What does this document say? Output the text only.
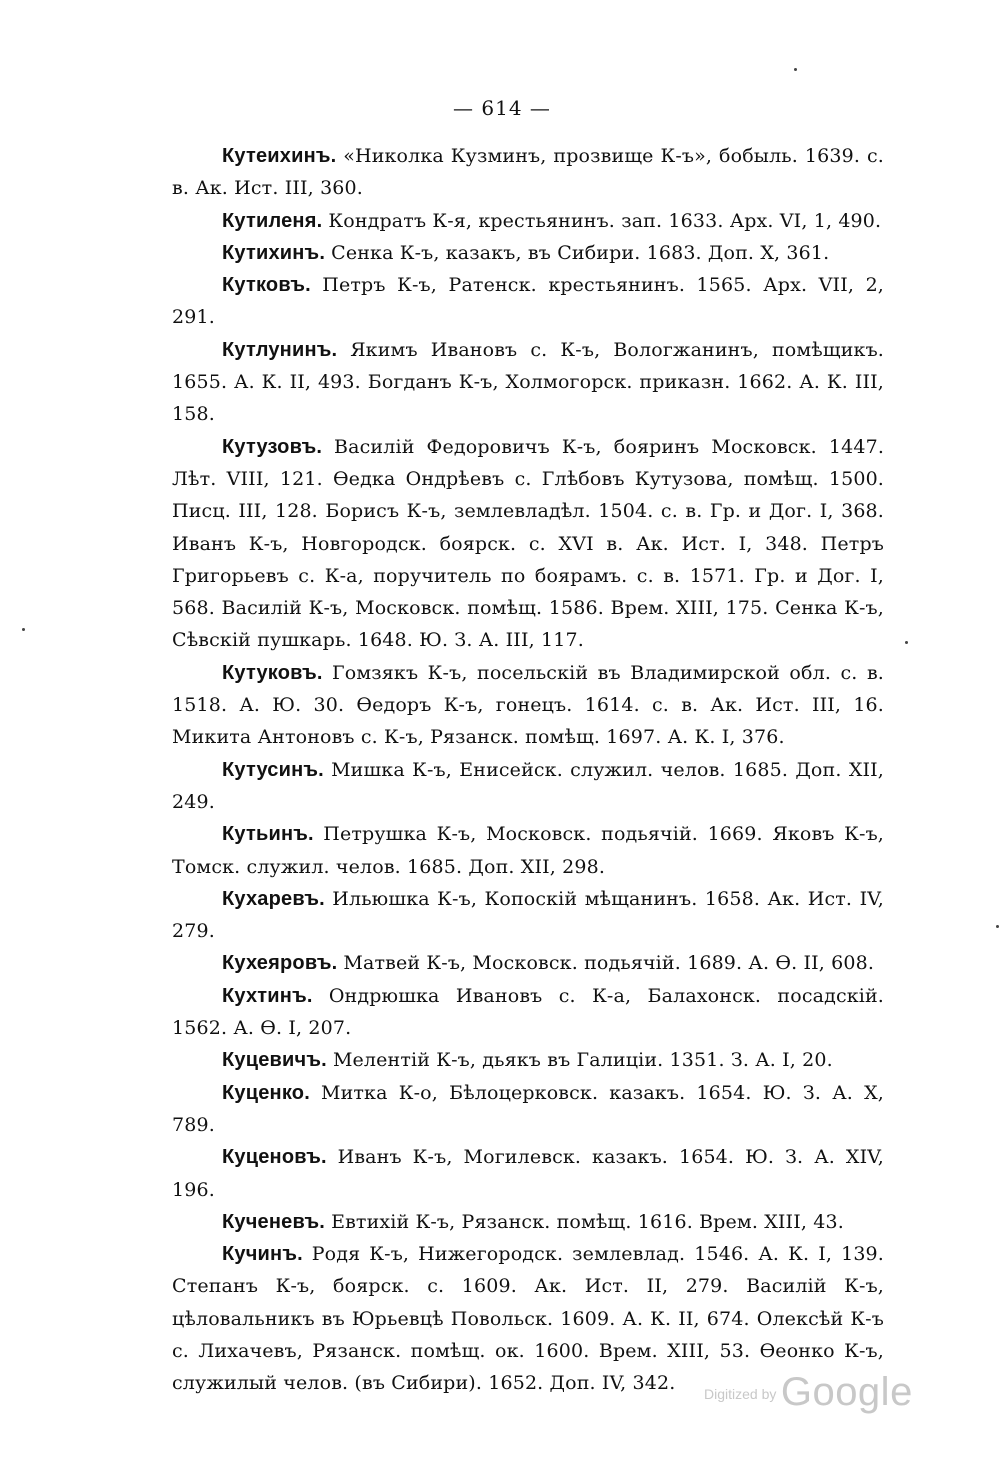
— 614 —

Кутеихинъ. «Николка Кузминъ, прозвище К-ъ», бобыль. 1639. с. в. Ак. Ист. III, 360.

Кутиленя. Кондратъ К-я, крестьянинъ. зап. 1633. Арх. VI, 1, 490.

Кутихинъ. Сенка К-ъ, казакъ, въ Сибири. 1683. Доп. X, 361.

Кутковъ. Петръ К-ъ, Ратенск. крестьянинъ. 1565. Арх. VII, 2, 291.

Кутлунинъ. Якимъ Ивановъ с. К-ъ, Вологжанинъ, помѣщикъ. 1655. А. К. II, 493. Богданъ К-ъ, Холмогорск. приказн. 1662. А. К. III, 158.

Кутузовъ. Василій Федоровичъ К-ъ, бояринъ Московск. 1447. Лѣт. VIII, 121. Ѳедка Ондрѣевъ с. Глѣбовъ Кутузова, помѣщ. 1500. Писц. III, 128. Борисъ К-ъ, землевладѣл. 1504. с. в. Гр. и Дог. I, 368. Иванъ К-ъ, Новгородск. боярск. с. XVI в. Ак. Ист. I, 348. Петръ Григорьевъ с. К-а, поручитель по боярамъ. с. в. 1571. Гр. и Дог. I, 568. Василій К-ъ, Московск. помѣщ. 1586. Врем. XIII, 175. Сенка К-ъ, Сѣвскій пушкарь. 1648. Ю. З. А. III, 117.

Кутуковъ. Гомзякъ К-ъ, посельскій въ Владимирской обл. с. в. 1518. А. Ю. 30. Ѳедоръ К-ъ, гонецъ. 1614. с. в. Ак. Ист. III, 16. Микита Антоновъ с. К-ъ, Рязанск. помѣщ. 1697. А. К. I, 376.

Кутусинъ. Мишка К-ъ, Енисейск. служил. челов. 1685. Доп. XII, 249.

Кутьинъ. Петрушка К-ъ, Московск. подьячій. 1669. Яковъ К-ъ, Томск. служил. челов. 1685. Доп. XII, 298.

Кухаревъ. Ильюшка К-ъ, Копоскій мѣщанинъ. 1658. Ак. Ист. IV, 279.

Кухеяровъ. Матвей К-ъ, Московск. подьячій. 1689. А. Ѳ. II, 608.

Кухтинъ. Ондрюшка Ивановъ с. К-а, Балахонск. посадскій. 1562. А. Ѳ. I, 207.

Куцевичъ. Мелентій К-ъ, дьякъ въ Галиціи. 1351. З. А. I, 20.

Куценко. Митка К-о, Бѣлоцерковск. казакъ. 1654. Ю. З. А. X, 789.

Куценовъ. Иванъ К-ъ, Могилевск. казакъ. 1654. Ю. З. А. XIV, 196.

Кученевъ. Евтихій К-ъ, Рязанск. помѣщ. 1616. Врем. XIII, 43.

Кучинъ. Родя К-ъ, Нижегородск. землевлад. 1546. А. К. I, 139. Степанъ К-ъ, боярск. с. 1609. Ак. Ист. II, 279. Василій К-ъ, цѣловальникъ въ Юрьевцѣ Повольск. 1609. А. К. II, 674. Олексѣй К-ъ с. Лихачевъ, Рязанск. помѣщ. ок. 1600. Врем. XIII, 53. Ѳеонко К-ъ, служилый челов. (въ Сибири). 1652. Доп. IV, 342.	Digitized by Google
